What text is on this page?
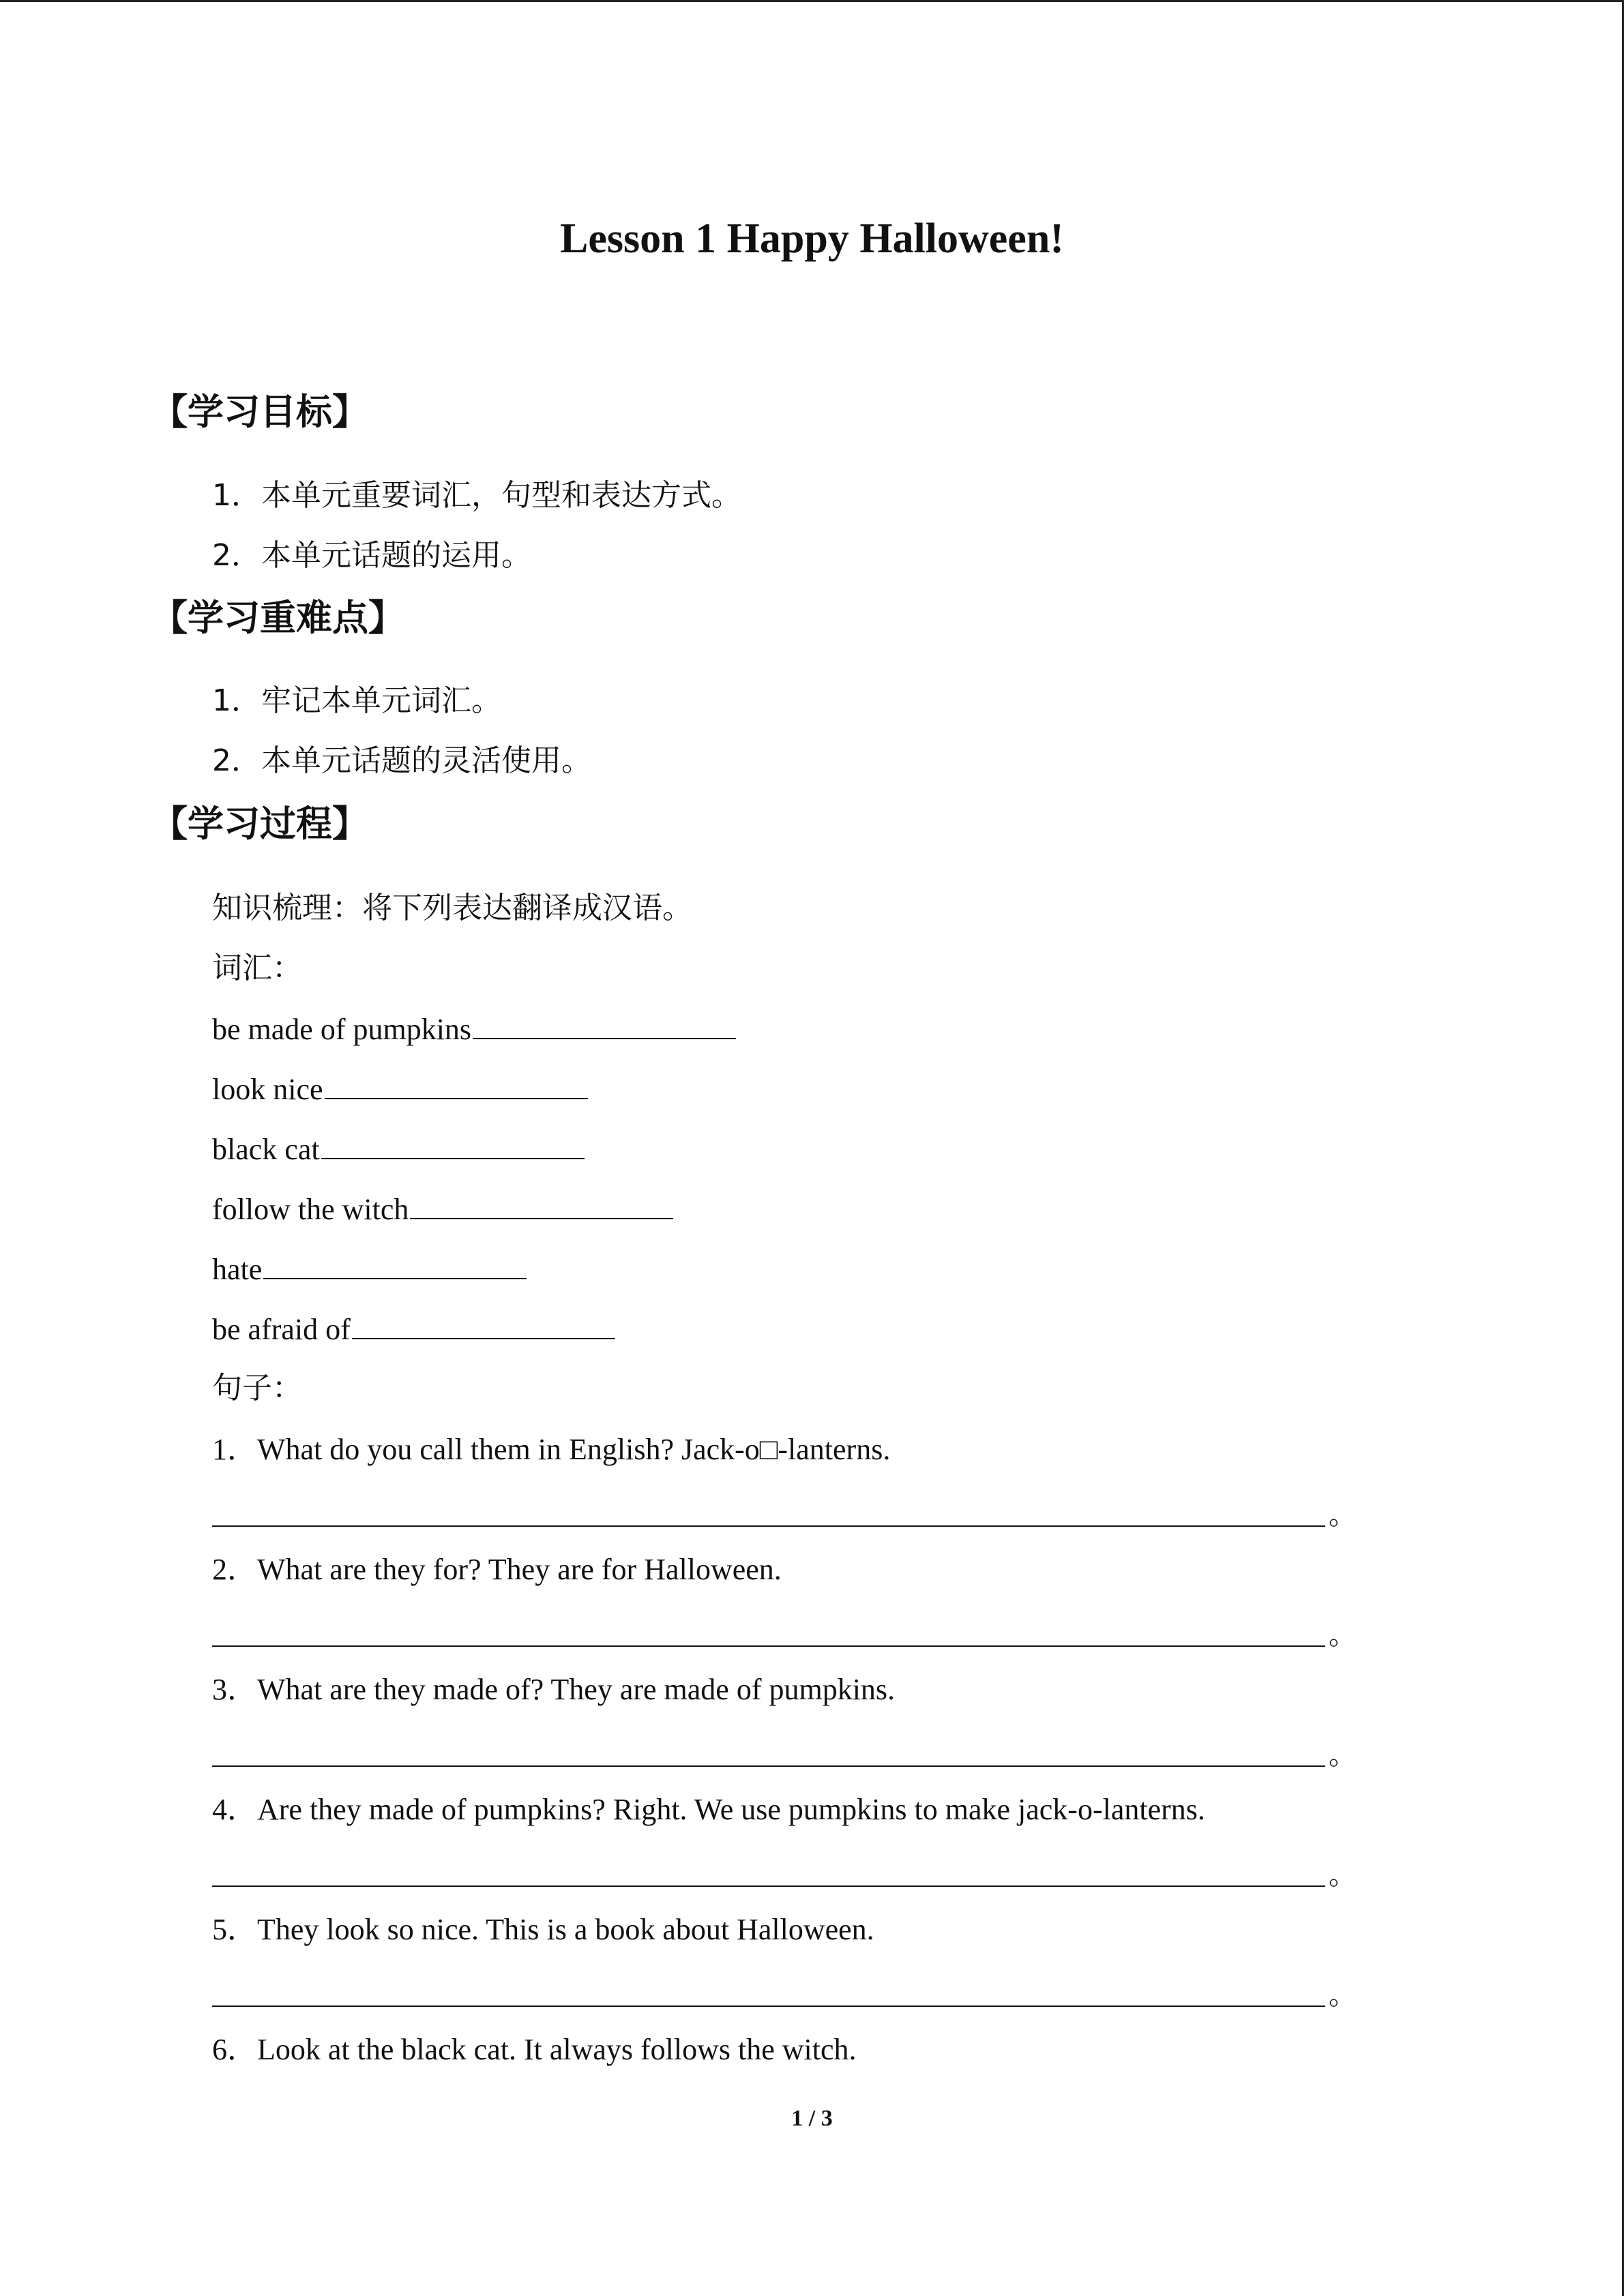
Lesson 1 Happy Halloween!
【学习目标】
1．本单元重要词汇，句型和表达方式。
2．本单元话题的运用。
【学习重难点】
1．牢记本单元词汇。
2．本单元话题的灵活使用。
【学习过程】
知识梳理：将下列表达翻译成汉语。
词汇：
be made of pumpkins
look nice
black cat
follow the witch
hate
be afraid of
句子：
1．What do you call them in English? Jack-o□-lanterns.
。
2．What are they for? They are for Halloween.
。
3．What are they made of? They are made of pumpkins.
。
4．Are they made of pumpkins? Right. We use pumpkins to make jack-o-lanterns.
。
5．They look so nice. This is a book about Halloween.
。
6．Look at the black cat. It always follows the witch.
1 / 3
